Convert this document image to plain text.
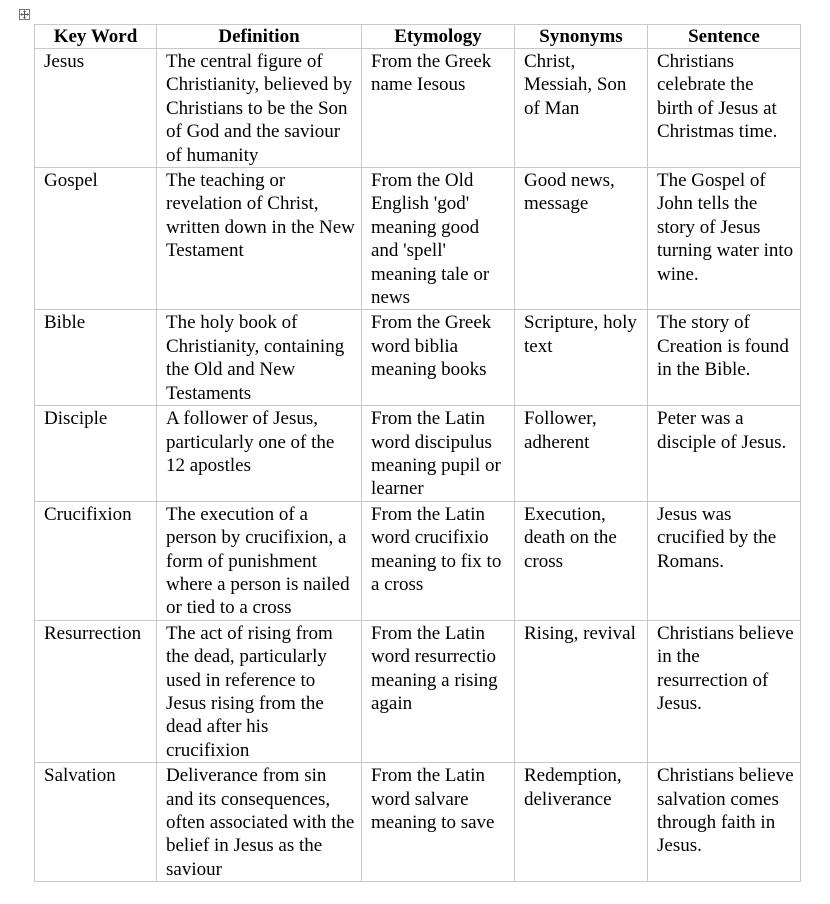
Key Word	Definition	Etymology	Synonyms	Sentence
Jesus	The central figure of Christianity, believed by Christians to be the Son of God and the saviour of humanity	From the Greek name Iesous	Christ, Messiah, Son of Man	Christians celebrate the birth of Jesus at Christmas time.
Gospel	The teaching or revelation of Christ, written down in the New Testament	From the Old English 'god' meaning good and 'spell' meaning tale or news	Good news, message	The Gospel of John tells the story of Jesus turning water into wine.
Bible	The holy book of Christianity, containing the Old and New Testaments	From the Greek word biblia meaning books	Scripture, holy text	The story of Creation is found in the Bible.
Disciple	A follower of Jesus, particularly one of the 12 apostles	From the Latin word discipulus meaning pupil or learner	Follower, adherent	Peter was a disciple of Jesus.
Crucifixion	The execution of a person by crucifixion, a form of punishment where a person is nailed or tied to a cross	From the Latin word crucifixio meaning to fix to a cross	Execution, death on the cross	Jesus was crucified by the Romans.
Resurrection	The act of rising from the dead, particularly used in reference to Jesus rising from the dead after his crucifixion	From the Latin word resurrectio meaning a rising again	Rising, revival	Christians believe in the resurrection of Jesus.
Salvation	Deliverance from sin and its consequences, often associated with the belief in Jesus as the saviour	From the Latin word salvare meaning to save	Redemption, deliverance	Christians believe salvation comes through faith in Jesus.
